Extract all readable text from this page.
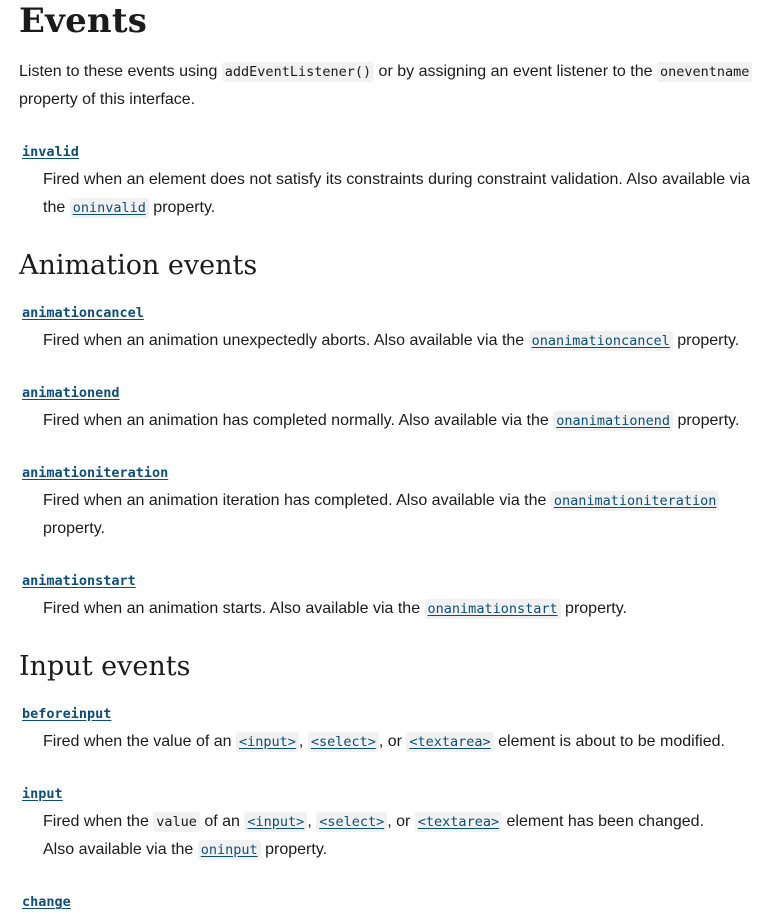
Events

Listen to these events using addEventListener() or by assigning an event listener to the oneventname

property of this interface.

invalid

Fired when an element does not satisfy its constraints during constraint validation. Also available via

the oninvalid property.

Animation events
animationcancel

Fired when an animation unexpectedly aborts. Also available via the onanimationcancel property.

animationend

Fired when an animation has completed normally. Also available via the onanimationend property.

animationiteration

Fired when an animation iteration has completed. Also available via the onanimationiteration

property.

animationstart

Fired when an animation starts. Also available via the onanimationstart property.

Input events
beforeinput

Fired when the value of an <input> , <select> , or <textarea> element is about to be modified.

input

Fired when the value of an <input> , <select> , or <textarea> element has been changed.

Also available via the oninput property.

change
